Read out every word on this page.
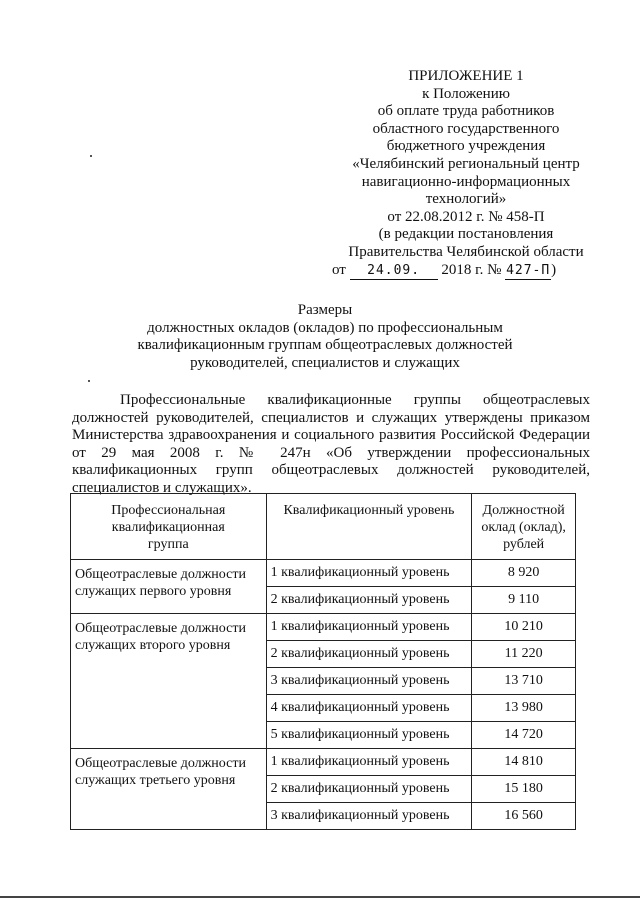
ПРИЛОЖЕНИЕ 1
к Положению
об оплате труда работников
областного государственного
бюджетного учреждения
«Челябинский региональный центр
навигационно-информационных
технологий»
от 22.08.2012 г. № 458-П
(в редакции постановления
Правительства Челябинской области
от 24.09. 2018 г. № 427-П)
Размеры
должностных окладов (окладов) по профессиональным
квалификационным группам общеотраслевых должностей
руководителей, специалистов и служащих
Профессиональные квалификационные группы общеотраслевых должностей руководителей, специалистов и служащих утверждены приказом Министерства здравоохранения и социального развития Российской Федерации от 29 мая 2008 г. № 247н «Об утверждении профессиональных квалификационных групп общеотраслевых должностей руководителей, специалистов и служащих».
Профессиональная квалификационная группа	Квалификационный уровень	Должностной оклад (оклад), рублей
Общеотраслевые должности служащих первого уровня	1 квалификационный уровень	8 920
	2 квалификационный уровень	9 110
Общеотраслевые должности служащих второго уровня	1 квалификационный уровень	10 210
	2 квалификационный уровень	11 220
	3 квалификационный уровень	13 710
	4 квалификационный уровень	13 980
	5 квалификационный уровень	14 720
Общеотраслевые должности служащих третьего уровня	1 квалификационный уровень	14 810
	2 квалификационный уровень	15 180
	3 квалификационный уровень	16 560
